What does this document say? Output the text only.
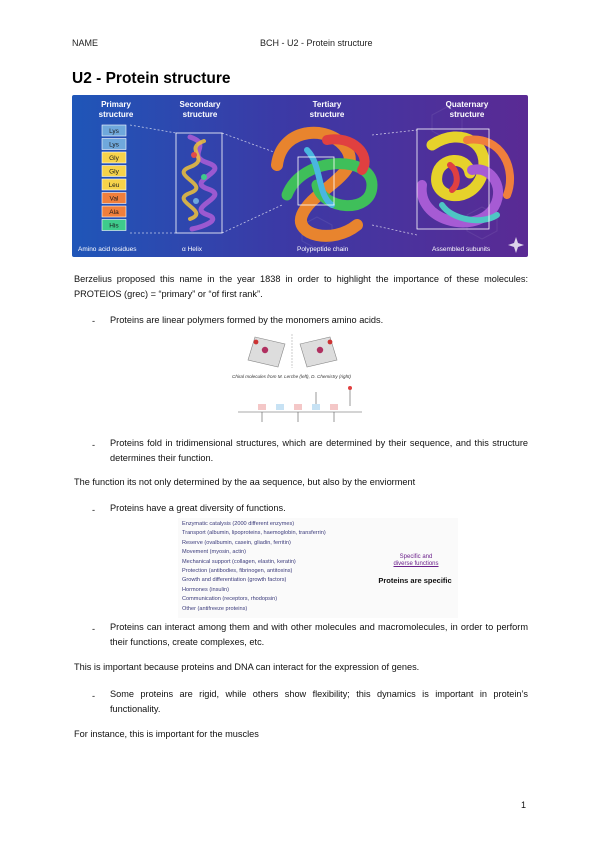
NAME	BCH - U2 - Protein structure
U2 - Protein structure
Primary
structure
Secondary
structure
Tertiary
structure
Quaternary
structure
Lys
Lys
Gly
Gly
Leu
Val
Ala
His
Amino acid residues	α Helix	Polypeptide chain	Assembled subunits
Berzelius proposed this name in the year 1838 in order to highlight the importance of these molecules: PROTEIOS (grec) = “primary” or “of first rank”.
- Proteins are linear polymers formed by the monomers amino acids.
Chiral molecules from M. Lerche (left), D. Chemistry (right)
- Proteins fold in tridimensional structures, which are determined by their sequence, and this structure determines their function.
The function its not only determined by the aa sequence, but also by the enviorment
- Proteins have a great diversity of functions.
Enzymatic catalysis (2000 different enzymes)
Transport (albumin, lipoproteins, haemoglobin, transferrin)
Reserve (ovalbumin, casein, gliadin, ferritin)
Movement (myosin, actin)
Mechanical support (collagen, elastin, keratin)
Protection (antibodies, fibrinogen, antitoxins)
Growth and differentiation (growth factors)
Hormones (insulin)
Communication (receptors, rhodopsin)
Other (antifreeze proteins)
Specific and
diverse functions
Proteins are specific
- Proteins can interact among them and with other molecules and macromolecules, in order to perform their functions, create complexes, etc.
This is important because proteins and DNA can interact for the expression of genes.
- Some proteins are rigid, while others show flexibility; this dynamics is important in protein’s functionality.
For instance, this is important for the muscles
1
